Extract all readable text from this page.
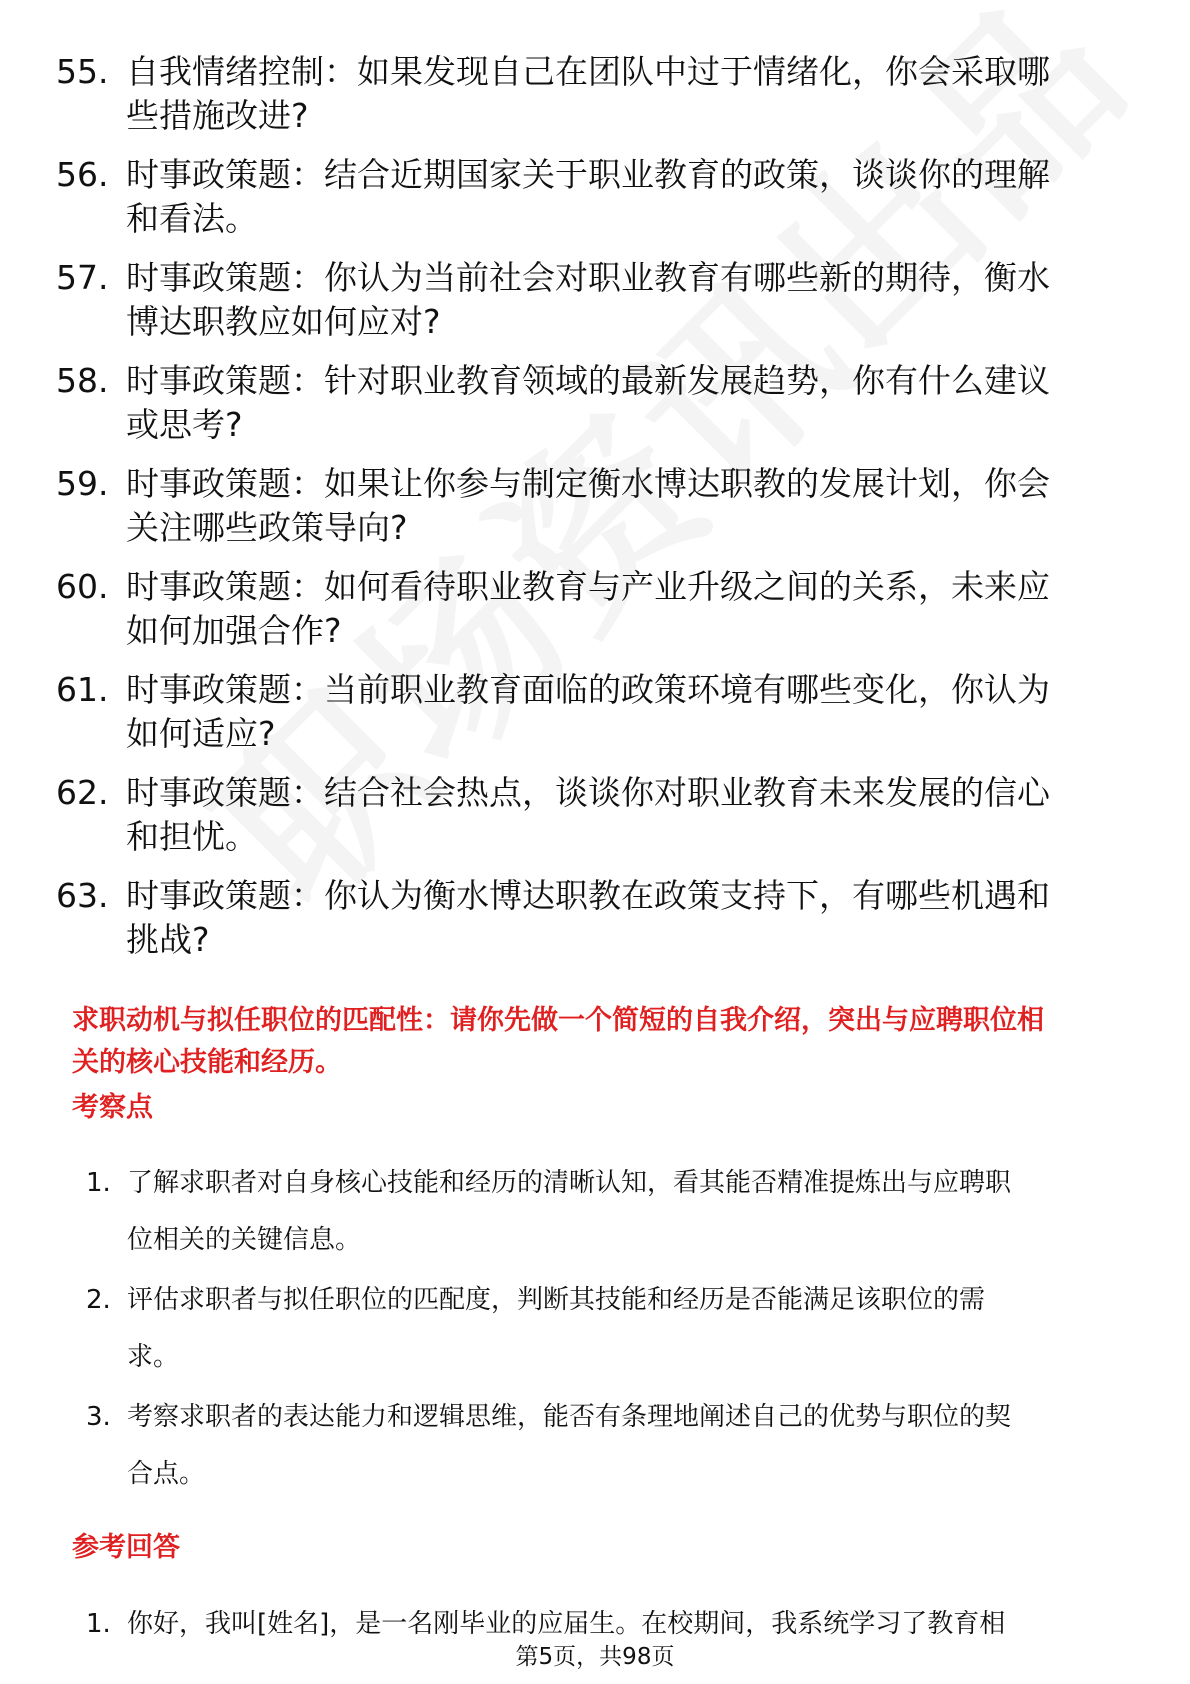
55. 自我情绪控制：如果发现自己在团队中过于情绪化，你会采取哪
些措施改进?
56. 时事政策题：结合近期国家关于职业教育的政策，谈谈你的理解
和看法。
57. 时事政策题：你认为当前社会对职业教育有哪些新的期待，衡水
博达职教应如何应对?
58. 时事政策题：针对职业教育领域的最新发展趋势，你有什么建议
或思考?
59. 时事政策题：如果让你参与制定衡水博达职教的发展计划，你会
关注哪些政策导向?
60. 时事政策题：如何看待职业教育与产业升级之间的关系，未来应
如何加强合作?
61. 时事政策题：当前职业教育面临的政策环境有哪些变化，你认为
如何适应?
62. 时事政策题：结合社会热点，谈谈你对职业教育未来发展的信心
和担忧。
63. 时事政策题：你认为衡水博达职教在政策支持下，有哪些机遇和
挑战?
求职动机与拟任职位的匹配性：请你先做一个简短的自我介绍，突出与应聘职位相
关的核心技能和经历。
考察点
1. 了解求职者对自身核心技能和经历的清晰认知，看其能否精准提炼出与应聘职
位相关的关键信息。
2. 评估求职者与拟任职位的匹配度，判断其技能和经历是否能满足该职位的需
求。
3. 考察求职者的表达能力和逻辑思维，能否有条理地阐述自己的优势与职位的契
合点。
参考回答
1. 你好，我叫[姓名]，是一名刚毕业的应届生。在校期间，我系统学习了教育相
第5页，共98页
